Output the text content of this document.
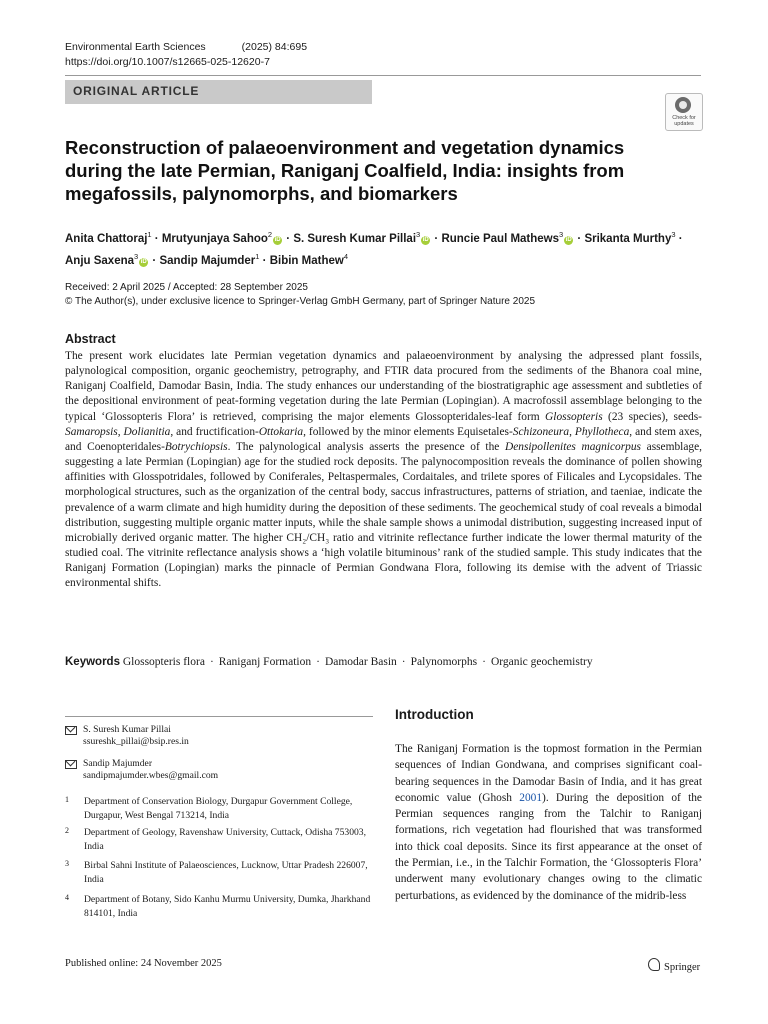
Environmental Earth Sciences	(2025) 84:695
https://doi.org/10.1007/s12665-025-12620-7
ORIGINAL ARTICLE
Check for updates
Reconstruction of palaeoenvironment and vegetation dynamics during the late Permian, Raniganj Coalfield, India: insights from megafossils, palynomorphs, and biomarkers
Anita Chattoraj$^1$ · Mrutyunjaya Sahoo$^2$iD · S. Suresh Kumar Pillai$^3$iD · Runcie Paul Mathews$^3$iD · Srikanta Murthy$^3$ ·
Anju Saxena$^3$iD · Sandip Majumder$^1$ · Bibin Mathew$^4$
Received: 2 April 2025 / Accepted: 28 September 2025
© The Author(s), under exclusive licence to Springer-Verlag GmbH Germany, part of Springer Nature 2025
Abstract
The present work elucidates late Permian vegetation dynamics and palaeoenvironment by analysing the adpressed plant fossils, palynological composition, organic geochemistry, petrography, and FTIR data procured from the sediments of the Bhanora coal mine, Raniganj Coalfield, Damodar Basin, India. The study enhances our understanding of the biostratigraphic age assessment and subtleties of the depositional environment of peat-forming vegetation during the late Permian (Lopingian). A macrofossil assemblage belonging to the typical ‘Glossopteris Flora’ is retrieved, comprising the major elements Glossopteridales-leaf form Glossopteris (23 species), seeds-Samaropsis, Dolianitia, and fructification-Ottokaria, followed by the minor elements Equisetales-Schizoneura, Phyllotheca, and stem axes, and Coenopteridales-Botrychiopsis. The palynological analysis asserts the presence of the Densipollenites magnicorpus assemblage, suggesting a late Permian (Lopingian) age for the studied rock deposits. The palynocomposition reveals the dominance of pollen showing affinities with Glosspotridales, followed by Coniferales, Peltaspermales, Cordaitales, and trilete spores of Filicales and Lycopsidales. The morphological structures, such as the organization of the central body, saccus infrastructures, patterns of striation, and taeniae, indicate the prevalence of a warm climate and high humidity during the deposition of these sediments. The geochemical study of coal reveals a bimodal distribution, suggesting multiple organic matter inputs, while the shale sample shows a unimodal distribution, suggesting increased input of microbially derived organic matter. The higher CH₂/CH₃ ratio and vitrinite reflectance further indicate the lower thermal maturity of the studied coal. The vitrinite reflectance analysis shows a ‘high volatile bituminous’ rank of the studied sample. This study indicates that the Raniganj Formation (Lopingian) marks the pinnacle of Permian Gondwana Flora, following its demise with the advent of Triassic environmental shifts.
Keywords Glossopteris flora · Raniganj Formation · Damodar Basin · Palynomorphs · Organic geochemistry
S. Suresh Kumar Pillai
ssureshk_pillai@bsip.res.in
Sandip Majumder
sandipmajumder.wbes@gmail.com
1 Department of Conservation Biology, Durgapur Government College, Durgapur, West Bengal 713214, India
2 Department of Geology, Ravenshaw University, Cuttack, Odisha 753003, India
3 Birbal Sahni Institute of Palaeosciences, Lucknow, Uttar Pradesh 226007, India
4 Department of Botany, Sido Kanhu Murmu University, Dumka, Jharkhand 814101, India
Introduction
The Raniganj Formation is the topmost formation in the Permian sequences of Indian Gondwana, and comprises significant coal-bearing sequences in the Damodar Basin of India, and it has great economic value (Ghosh 2001). During the deposition of the Permian sequences ranging from the Talchir to Raniganj formations, rich vegetation had flourished that was transformed into thick coal deposits. Since its first appearance at the onset of the Permian, i.e., in the Talchir Formation, the ‘Glossopteris Flora’ underwent many evolutionary changes owing to the climatic perturbations, as evidenced by the dominance of the midrib-less
Published online: 24 November 2025	Springer
